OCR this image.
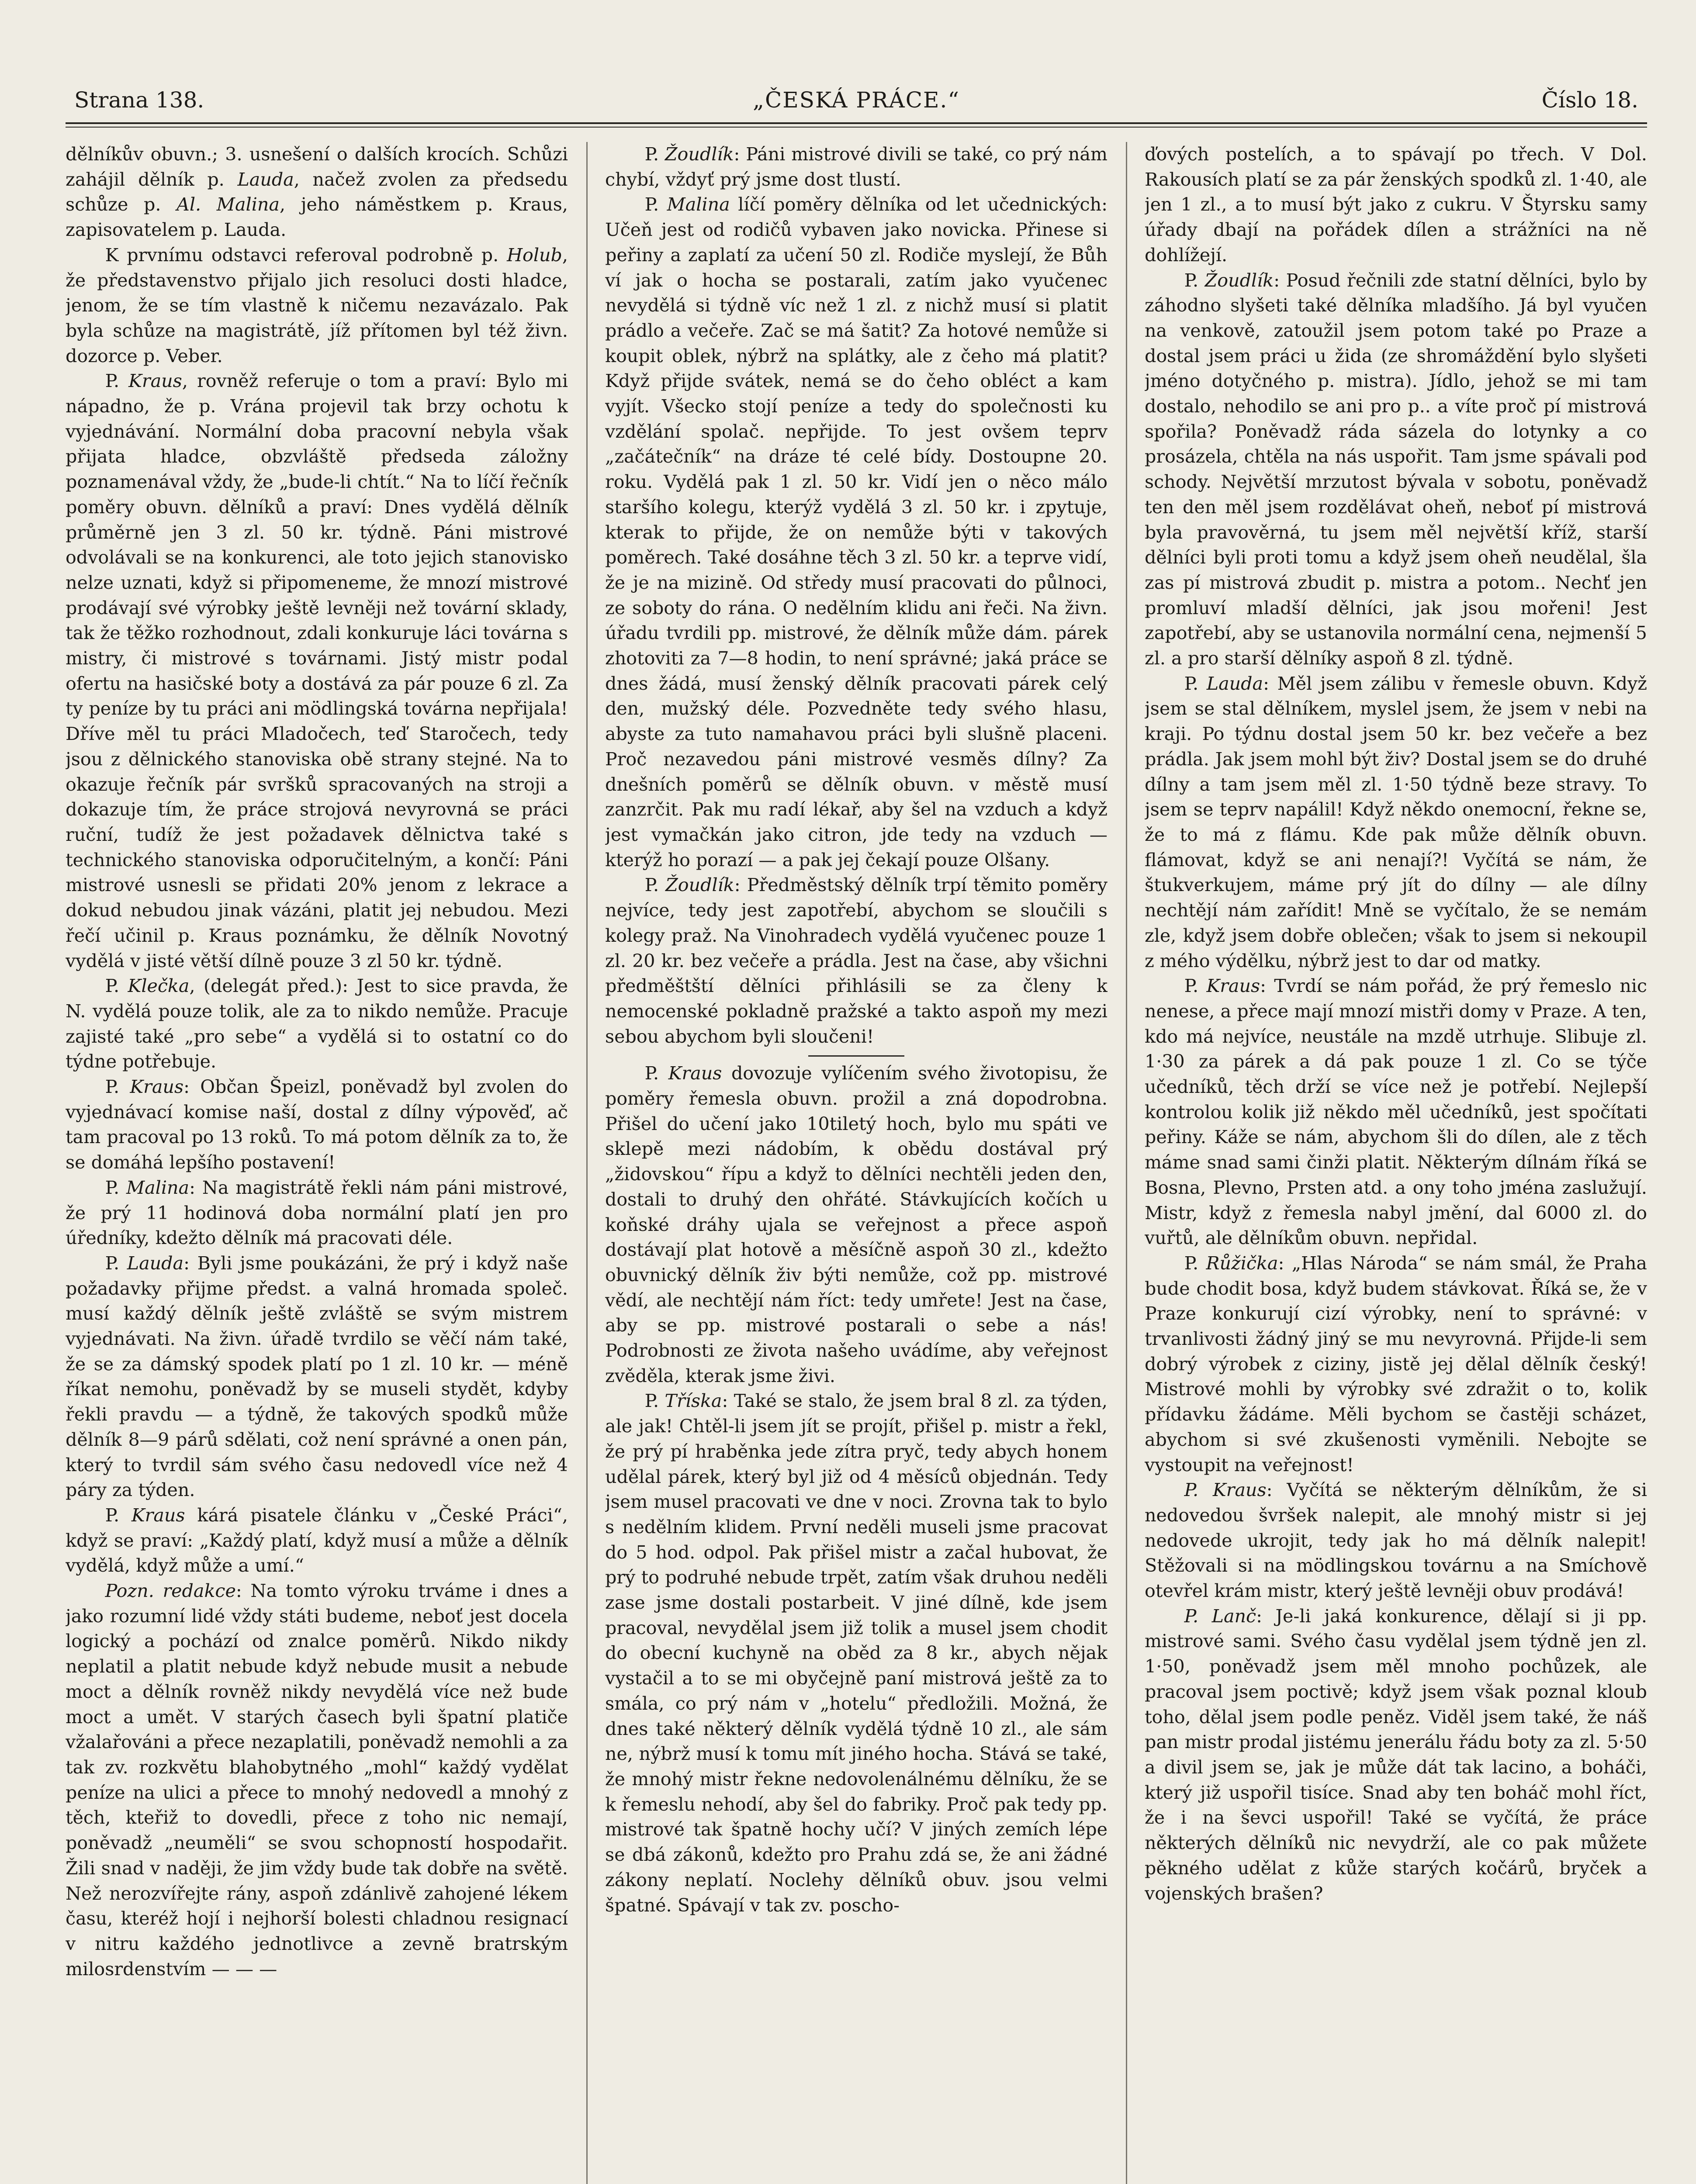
Strana 138.	„ČESKÁ PRÁCE.“	Číslo 18.

dělníkův obuvn.; 3. usnešení o dalších krocích. Schůzi zahájil dělník p. Lauda, načež zvolen za předsedu schůze p. Al. Malina, jeho náměstkem p. Kraus, zapisovatelem p. Lauda.

K prvnímu odstavci referoval podrobně p. Holub, že představenstvo přijalo jich resoluci dosti hladce, jenom, že se tím vlastně k ničemu nezavázalo. Pak byla schůze na magistrátě, jíž přítomen byl též živn. dozorce p. Veber.

P. Kraus, rovněž referuje o tom a praví: Bylo mi nápadno, že p. Vrána projevil tak brzy ochotu k vyjednávání. Normální doba pracovní nebyla však přijata hladce, obzvláště předseda záložny poznamenával vždy, že „bude-li chtít.“ Na to líčí řečník poměry obuvn. dělníků a praví: Dnes vydělá dělník průměrně jen 3 zl. 50 kr. týdně. Páni mistrové odvolávali se na konkurenci, ale toto jejich stanovisko nelze uznati, když si připomeneme, že mnozí mistrové prodávají své výrobky ještě levněji než tovární sklady, tak že těžko rozhodnout, zdali konkuruje láci továrna s mistry, či mistrové s továrnami. Jistý mistr podal ofertu na hasičské boty a dostává za pár pouze 6 zl. Za ty peníze by tu práci ani mödlingská továrna nepřijala! Dříve měl tu práci Mladočech, teď Staročech, tedy jsou z dělnického stanoviska obě strany stejné. Na to okazuje řečník pár svršků spracovaných na stroji a dokazuje tím, že práce strojová nevyrovná se práci ruční, tudíž že jest požadavek dělnictva také s technického stanoviska odporučitelným, a končí: Páni mistrové usnesli se přidati 20% jenom z lekrace a dokud nebudou jinak vázáni, platit jej nebudou. Mezi řečí učinil p. Kraus poznámku, že dělník Novotný vydělá v jisté větší dílně pouze 3 zl 50 kr. týdně.

P. Klečka, (delegát před.): Jest to sice pravda, že N. vydělá pouze tolik, ale za to nikdo nemůže. Pracuje zajisté také „pro sebe“ a vydělá si to ostatní co do týdne potřebuje.

P. Kraus: Občan Špeizl, poněvadž byl zvolen do vyjednávací komise naší, dostal z dílny výpověď, ač tam pracoval po 13 roků. To má potom dělník za to, že se domáhá lepšího postavení!

P. Malina: Na magistrátě řekli nám páni mistrové, že prý 11 hodinová doba normální platí jen pro úředníky, kdežto dělník má pracovati déle.

P. Lauda: Byli jsme poukázáni, že prý i když naše požadavky přijme předst. a valná hromada společ. musí každý dělník ještě zvláště se svým mistrem vyjednávati. Na živn. úřadě tvrdilo se věčí nám také, že se za dámský spodek platí po 1 zl. 10 kr. — méně říkat nemohu, poněvadž by se museli stydět, kdyby řekli pravdu — a týdně, že takových spodků může dělník 8—9 párů sdělati, což není správné a onen pán, který to tvrdil sám svého času nedovedl více než 4 páry za týden.

P. Kraus kárá pisatele článku v „České Práci“, když se praví: „Každý platí, když musí a může a dělník vydělá, když může a umí.“

Pozn. redakce: Na tomto výroku trváme i dnes a jako rozumní lidé vždy státi budeme, neboť jest docela logický a pochází od znalce poměrů. Nikdo nikdy neplatil a platit nebude když nebude musit a nebude moct a dělník rovněž nikdy nevydělá více než bude moct a umět. V starých časech byli špatní platiče vžalařováni a přece nezaplatili, poněvadž nemohli a za tak zv. rozkvětu blahobytného „mohl“ každý vydělat peníze na ulici a přece to mnohý nedovedl a mnohý z těch, kteřiž to dovedli, přece z toho nic nemají, poněvadž „neuměli“ se svou schopností hospodařit. Žili snad v naději, že jim vždy bude tak dobře na světě. Než nerozvířejte rány, aspoň zdánlivě zahojené lékem času, kteréž hojí i nejhorší bolesti chladnou resignací v nitru každého jednotlivce a zevně bratrským milosrdenstvím — — —

P. Žoudlík: Páni mistrové divili se také, co prý nám chybí, vždyť prý jsme dost tlustí.

P. Malina líčí poměry dělníka od let učednických: Učeň jest od rodičů vybaven jako novicka. Přinese si peřiny a zaplatí za učení 50 zl. Rodiče myslejí, že Bůh ví jak o hocha se postarali, zatím jako vyučenec nevydělá si týdně víc než 1 zl. z nichž musí si platit prádlo a večeře. Zač se má šatit? Za hotové nemůže si koupit oblek, nýbrž na splátky, ale z čeho má platit? Když přijde svátek, nemá se do čeho obléct a kam vyjít. Všecko stojí peníze a tedy do společnosti ku vzdělání spolač. nepřijde. To jest ovšem teprv „začátečník“ na dráze té celé bídy. Dostoupne 20. roku. Vydělá pak 1 zl. 50 kr. Vidí jen o něco málo staršího kolegu, kterýž vydělá 3 zl. 50 kr. i zpytuje, kterak to přijde, že on nemůže býti v takových poměrech. Také dosáhne těch 3 zl. 50 kr. a teprve vidí, že je na mizině. Od středy musí pracovati do půlnoci, ze soboty do rána. O nedělním klidu ani řeči. Na živn. úřadu tvrdili pp. mistrové, že dělník může dám. párek zhotoviti za 7—8 hodin, to není správné; jaká práce se dnes žádá, musí ženský dělník pracovati párek celý den, mužský déle. Pozvedněte tedy svého hlasu, abyste za tuto namahavou práci byli slušně placeni. Proč nezavedou páni mistrové vesměs dílny? Za dnešních poměrů se dělník obuvn. v městě musí zanzrčit. Pak mu radí lékař, aby šel na vzduch a když jest vymačkán jako citron, jde tedy na vzduch — kterýž ho porazí — a pak jej čekají pouze Olšany.

P. Žoudlík: Předměstský dělník trpí těmito poměry nejvíce, tedy jest zapotřebí, abychom se sloučili s kolegy praž. Na Vinohradech vydělá vyučenec pouze 1 zl. 20 kr. bez večeře a prádla. Jest na čase, aby všichni předměštští dělníci přihlásili se za členy k nemocenské pokladně pražské a takto aspoň my mezi sebou abychom byli sloučeni!

P. Kraus dovozuje vylíčením svého životopisu, že poměry řemesla obuvn. prožil a zná dopodrobna. Přišel do učení jako 10tiletý hoch, bylo mu spáti ve sklepě mezi nádobím, k obědu dostával prý „židovskou“ řípu a když to dělníci nechtěli jeden den, dostali to druhý den ohřáté. Stávkujících kočích u koňské dráhy ujala se veřejnost a přece aspoň dostávají plat hotově a měsíčně aspoň 30 zl., kdežto obuvnický dělník živ býti nemůže, což pp. mistrové vědí, ale nechtějí nám říct: tedy umřete! Jest na čase, aby se pp. mistrové postarali o sebe a nás! Podrobnosti ze života našeho uvádíme, aby veřejnost zvěděla, kterak jsme živi.

P. Tříska: Také se stalo, že jsem bral 8 zl. za týden, ale jak! Chtěl-li jsem jít se projít, přišel p. mistr a řekl, že prý pí hraběnka jede zítra pryč, tedy abych honem udělal párek, který byl již od 4 měsíců objednán. Tedy jsem musel pracovati ve dne v noci. Zrovna tak to bylo s nedělním klidem. První neděli museli jsme pracovat do 5 hod. odpol. Pak přišel mistr a začal hubovat, že prý to podruhé nebude trpět, zatím však druhou neděli zase jsme dostali postarbeit. V jiné dílně, kde jsem pracoval, nevydělal jsem již tolik a musel jsem chodit do obecní kuchyně na oběd za 8 kr., abych nějak vystačil a to se mi obyčejně paní mistrová ještě za to smála, co prý nám v „hotelu“ předložili. Možná, že dnes také některý dělník vydělá týdně 10 zl., ale sám ne, nýbrž musí k tomu mít jiného hocha. Stává se také, že mnohý mistr řekne nedovolenálnému dělníku, že se k řemeslu nehodí, aby šel do fabriky. Proč pak tedy pp. mistrové tak špatně hochy učí? V jiných zemích lépe se dbá zákonů, kdežto pro Prahu zdá se, že ani žádné zákony neplatí. Noclehy dělníků obuv. jsou velmi špatné. Spávají v tak zv. poscho-

ďových postelích, a to spávají po třech. V Dol. Rakousích platí se za pár ženských spodků zl. 1·40, ale jen 1 zl., a to musí být jako z cukru. V Štyrsku samy úřady dbají na pořádek dílen a strážníci na ně dohlížejí.

P. Žoudlík: Posud řečnili zde statní dělníci, bylo by záhodno slyšeti také dělníka mladšího. Já byl vyučen na venkově, zatoužil jsem potom také po Praze a dostal jsem práci u žida (ze shromáždění bylo slyšeti jméno dotyčného p. mistra). Jídlo, jehož se mi tam dostalo, nehodilo se ani pro p.. a víte proč pí mistrová spořila? Poněvadž ráda sázela do lotynky a co prosázela, chtěla na nás uspořit. Tam jsme spávali pod schody. Největší mrzutost bývala v sobotu, poněvadž ten den měl jsem rozdělávat oheň, neboť pí mistrová byla pravověrná, tu jsem měl největší kříž, starší dělníci byli proti tomu a když jsem oheň neudělal, šla zas pí mistrová zbudit p. mistra a potom.. Nechť jen promluví mladší dělníci, jak jsou mořeni! Jest zapotřebí, aby se ustanovila normální cena, nejmenší 5 zl. a pro starší dělníky aspoň 8 zl. týdně.

P. Lauda: Měl jsem zálibu v řemesle obuvn. Když jsem se stal dělníkem, myslel jsem, že jsem v nebi na kraji. Po týdnu dostal jsem 50 kr. bez večeře a bez prádla. Jak jsem mohl být živ? Dostal jsem se do druhé dílny a tam jsem měl zl. 1·50 týdně beze stravy. To jsem se teprv napálil! Když někdo onemocní, řekne se, že to má z flámu. Kde pak může dělník obuvn. flámovat, když se ani nenají?! Vyčítá se nám, že štukverkujem, máme prý jít do dílny — ale dílny nechtějí nám zařídit! Mně se vyčítalo, že se nemám zle, když jsem dobře oblečen; však to jsem si nekoupil z mého výdělku, nýbrž jest to dar od matky.

P. Kraus: Tvrdí se nám pořád, že prý řemeslo nic nenese, a přece mají mnozí mistři domy v Praze. A ten, kdo má nejvíce, neustále na mzdě utrhuje. Slibuje zl. 1·30 za párek a dá pak pouze 1 zl. Co se týče učedníků, těch drží se více než je potřebí. Nejlepší kontrolou kolik již někdo měl učedníků, jest spočítati peřiny. Káže se nám, abychom šli do dílen, ale z těch máme snad sami činži platit. Některým dílnám říká se Bosna, Plevno, Prsten atd. a ony toho jména zaslužují. Mistr, když z řemesla nabyl jmění, dal 6000 zl. do vuřtů, ale dělníkům obuvn. nepřidal.

P. Růžička: „Hlas Národa“ se nám smál, že Praha bude chodit bosa, když budem stávkovat. Říká se, že v Praze konkurují cizí výrobky, není to správné: v trvanlivosti žádný jiný se mu nevyrovná. Přijde-li sem dobrý výrobek z ciziny, jistě jej dělal dělník český! Mistrové mohli by výrobky své zdražit o to, kolik přídavku žádáme. Měli bychom se častěji scházet, abychom si své zkušenosti vyměnili. Nebojte se vystoupit na veřejnost!

P. Kraus: Vyčítá se některým dělníkům, že si nedovedou švršek nalepit, ale mnohý mistr si jej nedovede ukrojit, tedy jak ho má dělník nalepit! Stěžovali si na mödlingskou továrnu a na Smíchově otevřel krám mistr, který ještě levněji obuv prodává!

P. Lanč: Je-li jaká konkurence, dělají si ji pp. mistrové sami. Svého času vydělal jsem týdně jen zl. 1·50, poněvadž jsem měl mnoho pochůzek, ale pracoval jsem poctivě; když jsem však poznal kloub toho, dělal jsem podle peněz. Viděl jsem také, že náš pan mistr prodal jistému jenerálu řádu boty za zl. 5·50 a divil jsem se, jak je může dát tak lacino, a boháči, který již uspořil tisíce. Snad aby ten boháč mohl říct, že i na ševci uspořil! Také se vyčítá, že práce některých dělníků nic nevydrží, ale co pak můžete pěkného udělat z kůže starých kočárů, bryček a vojenských brašen?
